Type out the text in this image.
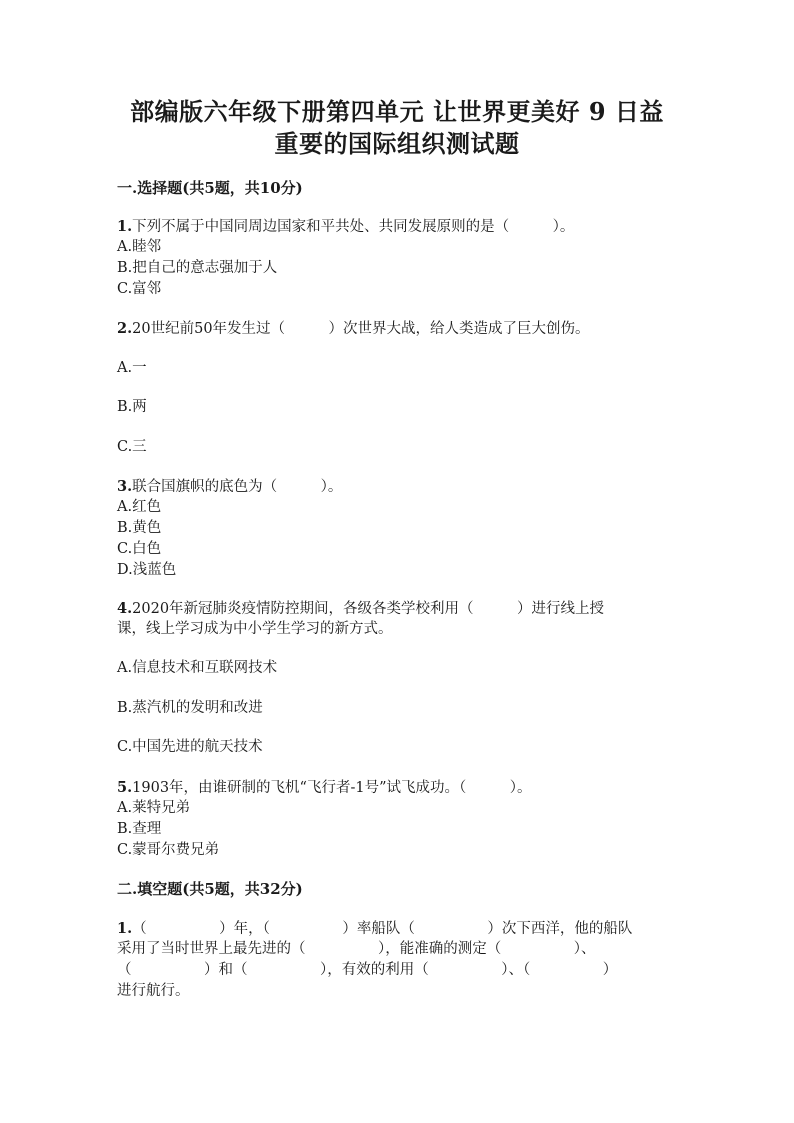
部编版六年级下册第四单元 让世界更美好 9 日益
重要的国际组织测试题
一.选择题(共5题，共10分)
1.下列不属于中国同周边国家和平共处、共同发展原则的是（　　　）。
A.睦邻
B.把自己的意志强加于人
C.富邻
2.20世纪前50年发生过（　　　）次世界大战，给人类造成了巨大创伤。
A.一
B.两
C.三
3.联合国旗帜的底色为（　　　）。
A.红色
B.黄色
C.白色
D.浅蓝色
4.2020年新冠肺炎疫情防控期间，各级各类学校利用（　　　）进行线上授
课，线上学习成为中小学生学习的新方式。
A.信息技术和互联网技术
B.蒸汽机的发明和改进
C.中国先进的航天技术
5.1903年，由谁研制的飞机“飞行者-1号”试飞成功。（　　　）。
A.莱特兄弟
B.查理
C.蒙哥尔费兄弟
二.填空题(共5题，共32分)
1.（　　　　　）年，（　　　　　）率船队（　　　　　）次下西洋，他的船队
采用了当时世界上最先进的（　　　　　），能准确的测定（　　　　　）、
（　　　　　）和（　　　　　），有效的利用（　　　　　）、（　　　　　）
进行航行。
